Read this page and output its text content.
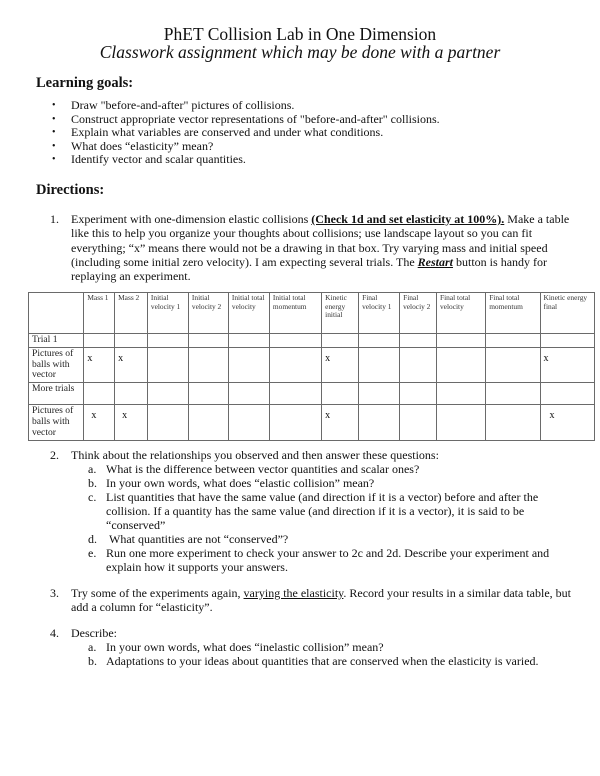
PhET Collision Lab in One Dimension
Classwork assignment which may be done with a partner
Learning goals:
• Draw "before-and-after" pictures of collisions.
• Construct appropriate vector representations of "before-and-after" collisions.
• Explain what variables are conserved and under what conditions.
• What does “elasticity” mean?
• Identify vector and scalar quantities.
Directions:
1. Experiment with one-dimension elastic collisions (Check 1d and set elasticity at 100%). Make a table like this to help you organize your thoughts about collisions; use landscape layout so you can fit everything; “x” means there would not be a drawing in that box. Try varying mass and initial speed (including some initial zero velocity). I am expecting several trials. The Restart button is handy for replaying an experiment.
	Mass 1	Mass 2	Initial velocity 1	Initial velocity 2	Initial total velocity	Initial total momentum	Kinetic energy initial	Final velocity 1	Final velociy 2	Final total velocity	Final total momentum	Kinetic energy final
Trial 1												
Pictures of balls with vector	x	x					x					x
More trials												
Pictures of balls with vector	x	x					x					x
2. Think about the relationships you observed and then answer these questions:
a. What is the difference between vector quantities and scalar ones?
b. In your own words, what does “elastic collision” mean?
c. List quantities that have the same value (and direction if it is a vector) before and after the
collision. If a quantity has the same value (and direction if it is a vector), it is said to be
“conserved”
d. What quantities are not “conserved”?
e. Run one more experiment to check your answer to 2c and 2d. Describe your experiment and
explain how it supports your answers.
3. Try some of the experiments again, varying the elasticity. Record your results in a similar data table, but
add a column for “elasticity”.
4. Describe:
a. In your own words, what does “inelastic collision” mean?
b. Adaptations to your ideas about quantities that are conserved when the elasticity is varied.
